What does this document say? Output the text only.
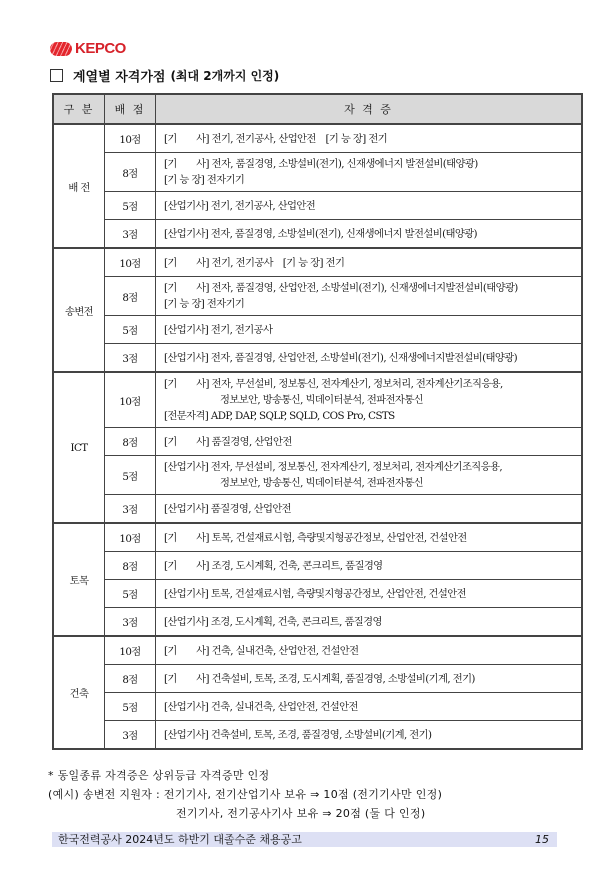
KEPCO
계열별 자격가점 (최대 2개까지 인정)
구 분	배 점	자 격 증
배 전	10점	[기　　사] 전기, 전기공사, 산업안전　[기 능 장] 전기

	8점	[기　　사] 전자, 품질경영, 소방설비(전기), 신재생에너지 발전설비(태양광)
[기 능 장] 전자기기

	5점	[산업기사] 전기, 전기공사, 산업안전

	3점	[산업기사] 전자, 품질경영, 소방설비(전기), 신재생에너지 발전설비(태양광)

송변전	10점	[기　　사] 전기, 전기공사　[기 능 장] 전기

	8점	[기　　사] 전자, 품질경영, 산업안전, 소방설비(전기), 신재생에너지발전설비(태양광)
[기 능 장] 전자기기

	5점	[산업기사] 전기, 전기공사

	3점	[산업기사] 전자, 품질경영, 산업안전, 소방설비(전기), 신재생에너지발전설비(태양광)

ICT	10점	[기　　사] 전자, 무선설비, 정보통신, 전자계산기, 정보처리, 전자계산기조직응용,
정보보안, 방송통신, 빅데이터분석, 전파전자통신
[전문자격] ADP, DAP, SQLP, SQLD, COS Pro, CSTS

	8점	[기　　사] 품질경영, 산업안전

	5점	[산업기사] 전자, 무선설비, 정보통신, 전자계산기, 정보처리, 전자계산기조직응용,
정보보안, 방송통신, 빅데이터분석, 전파전자통신

	3점	[산업기사] 품질경영, 산업안전

토목	10점	[기　　사] 토목, 건설재료시험, 측량및지형공간정보, 산업안전, 건설안전

	8점	[기　　사] 조경, 도시계획, 건축, 콘크리트, 품질경영

	5점	[산업기사] 토목, 건설재료시험, 측량및지형공간정보, 산업안전, 건설안전

	3점	[산업기사] 조경, 도시계획, 건축, 콘크리트, 품질경영

건축	10점	[기　　사] 건축, 실내건축, 산업안전, 건설안전

	8점	[기　　사] 건축설비, 토목, 조경, 도시계획, 품질경영, 소방설비(기계, 전기)

	5점	[산업기사] 건축, 실내건축, 산업안전, 건설안전

	3점	[산업기사] 건축설비, 토목, 조경, 품질경영, 소방설비(기계, 전기)
* 동일종류 자격증은 상위등급 자격증만 인정
(예시) 송변전 지원자 : 전기기사, 전기산업기사 보유 ⇒ 10점 (전기기사만 인정)
전기기사, 전기공사기사 보유 ⇒ 20점 (둘 다 인정)
한국전력공사 2024년도 하반기 대졸수준 채용공고	15
